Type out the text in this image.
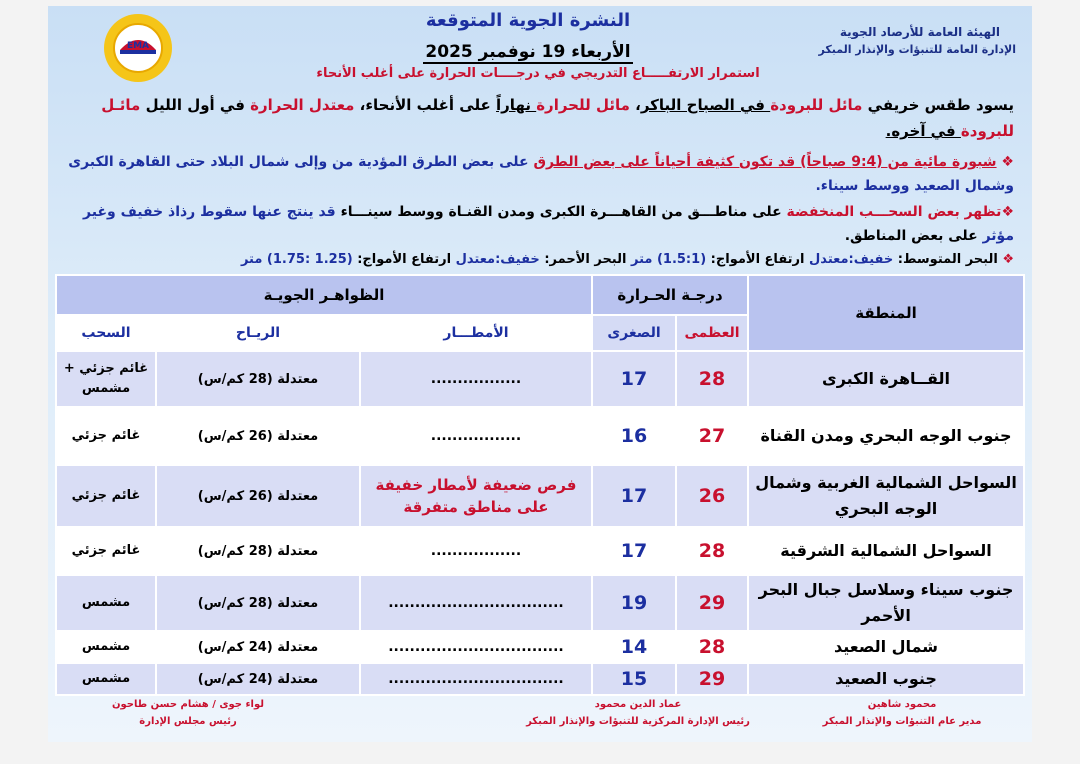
EMA
الهيئة العامة للأرصاد الجوية
الإدارة العامة للتنبؤات والإنذار المبكر
النشرة الجوية المتوقعة
الأربعاء 19 نوفمبر 2025
استمرار الارتفـــــاع التدريجي في درجــــات الحرارة على أغلب الأنحاء
يسود طقس خريفي مائل للبرودة في الصباح الباكر، مائل للحرارة نهاراً على أغلب الأنحاء، معتدل الحرارة في أول الليل مائـل للبرودة في آخره.
❖ شبورة مائية من (9:4 صباحاً) قد تكون كثيفة أحياناً على بعض الطرق على بعض الطرق المؤدية من وإلى شمال البلاد حتى القاهرة الكبرى وشمال الصعيد ووسط سيناء.
❖تظهر بعض السحـــب المنخفضة على مناطـــق من القاهـــرة الكبرى ومدن القنـاة ووسط سينـــاء قد ينتج عنها سقوط رذاذ خفيف وغير مؤثر على بعض المناطق.
❖ البحر المتوسط: خفيف:معتدل ارتفاع الأمواج: (1.5:1) متر البحر الأحمر: خفيف:معتدل ارتفاع الأمواج: (1.25 :1.75) متر
المنطقة	درجـة الحـرارة		الظواهـر الجويـة		
	العظمى	الصغرى	الأمطـــار	الريـاح	السحب
القــاهرة الكبرى	28	17	.................	معتدلة (28 كم/س)	غائم جزئي + مشمس
جنوب الوجه البحري ومدن القناة	27	16	.................	معتدلة (26 كم/س)	غائم جزئي
السواحل الشمالية الغربية وشمال الوجه البحري	26	17	فرص ضعيفة لأمطار خفيفة على مناطق متفرقة	معتدلة (26 كم/س)	غائم جزئي
السواحل الشمالية الشرقية	28	17	.................	معتدلة (28 كم/س)	غائم جزئي
جنوب سيناء وسلاسل جبال البحر الأحمر	29	19	.................................	معتدلة (28 كم/س)	مشمس
شمال الصعيد	28	14	.................................	معتدلة (24 كم/س)	مشمس
جنوب الصعيد	29	15	.................................	معتدلة (24 كم/س)	مشمس
محمود شاهين
مدير عام التنبؤات والإنذار المبكر
عماد الدين محمود
رئيس الإدارة المركزية للتنبؤات والإنذار المبكر
لواء جوى / هشام حسن طاحون
رئيس مجلس الإدارة
